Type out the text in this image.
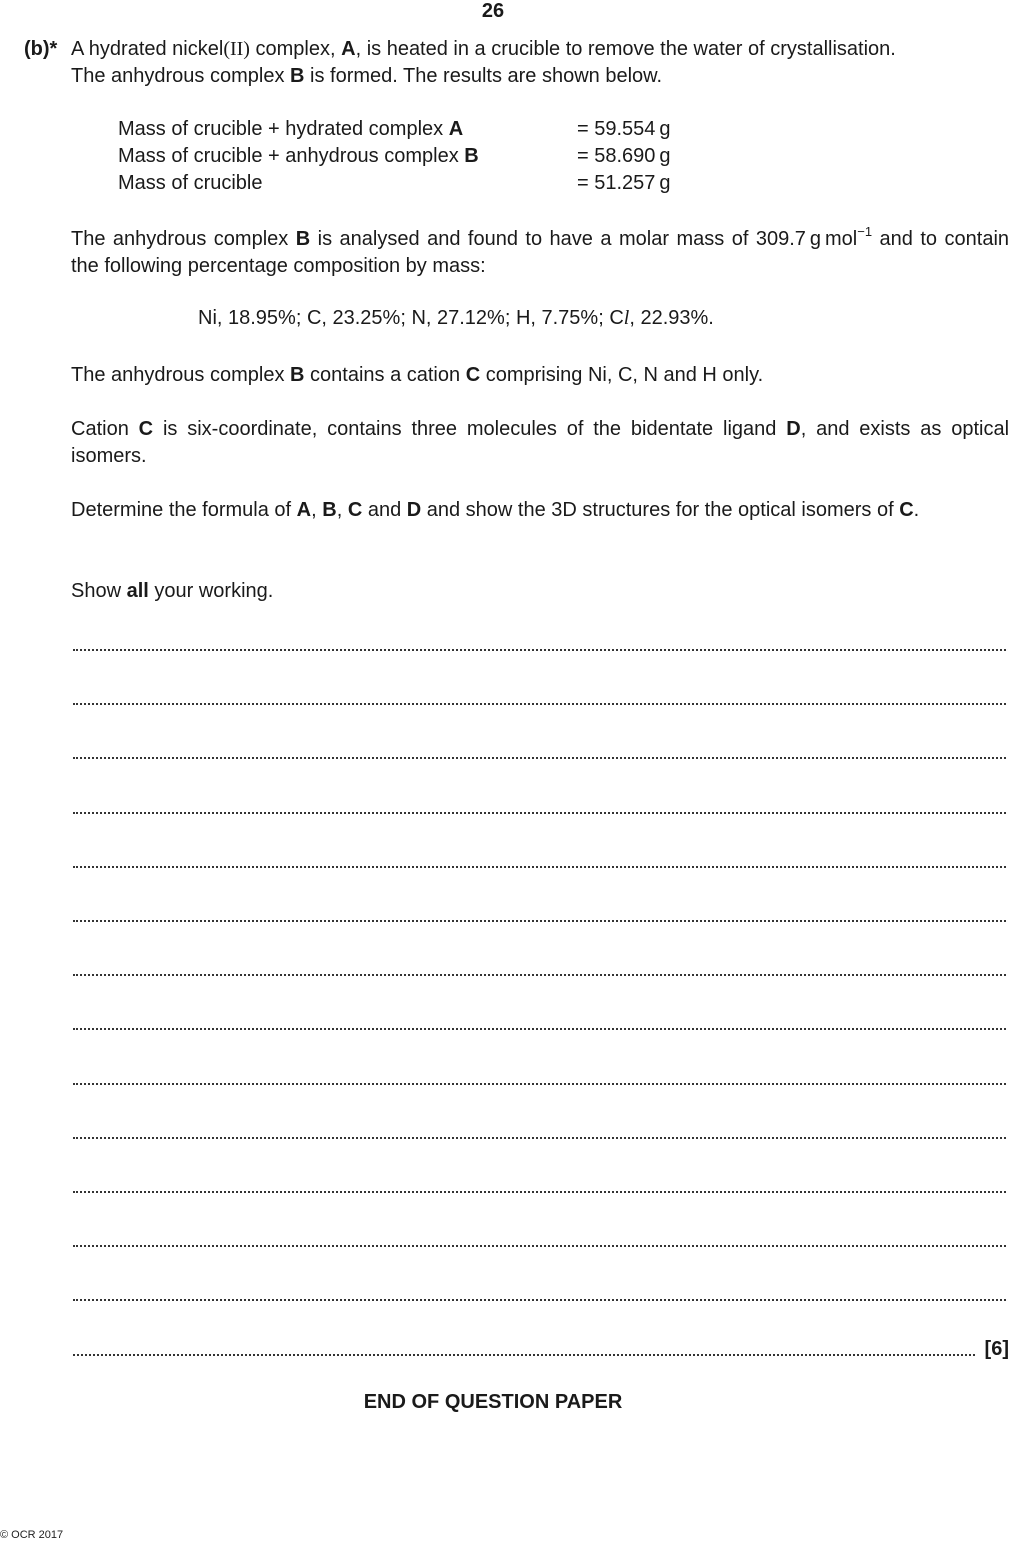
26
(b)* A hydrated nickel(II) complex, A, is heated in a crucible to remove the water of crystallisation.
The anhydrous complex B is formed. The results are shown below.
Mass of crucible + hydrated complex A	= 59.554 g
Mass of crucible + anhydrous complex B	= 58.690 g
Mass of crucible	= 51.257 g
The anhydrous complex B is analysed and found to have a molar mass of 309.7 g mol$^{-1}$ and to contain the following percentage composition by mass:
Ni, 18.95%; C, 23.25%; N, 27.12%; H, 7.75%; Cl, 22.93%.
The anhydrous complex B contains a cation C comprising Ni, C, N and H only.
Cation C is six-coordinate, contains three molecules of the bidentate ligand D, and exists as optical isomers.
Determine the formula of A, B, C and D and show the 3D structures for the optical isomers of C.
Show all your working.
[6]
END OF QUESTION PAPER
© OCR 2017
